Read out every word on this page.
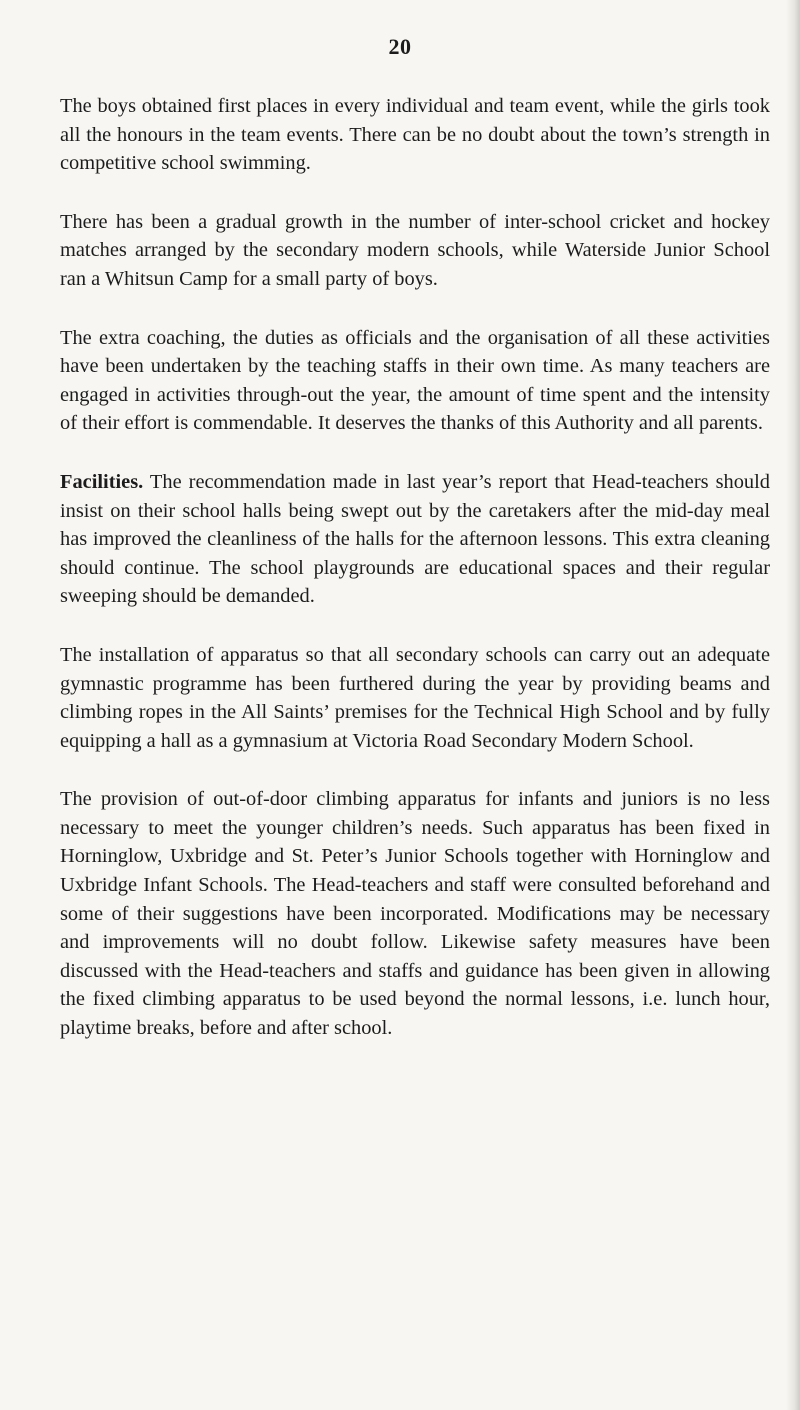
20

The boys obtained first places in every individual and team event, while the girls took all the honours in the team events. There can be no doubt about the town’s strength in competitive school swimming.

There has been a gradual growth in the number of inter-school cricket and hockey matches arranged by the secondary modern schools, while Waterside Junior School ran a Whitsun Camp for a small party of boys.

The extra coaching, the duties as officials and the organisation of all these activities have been undertaken by the teaching staffs in their own time. As many teachers are engaged in activities through-out the year, the amount of time spent and the intensity of their effort is commendable. It deserves the thanks of this Authority and all parents.

Facilities. The recommendation made in last year’s report that Head-teachers should insist on their school halls being swept out by the caretakers after the mid-day meal has improved the cleanliness of the halls for the afternoon lessons. This extra cleaning should continue. The school playgrounds are educational spaces and their regular sweeping should be demanded.

The installation of apparatus so that all secondary schools can carry out an adequate gymnastic programme has been furthered during the year by providing beams and climbing ropes in the All Saints’ premises for the Technical High School and by fully equipping a hall as a gymnasium at Victoria Road Secondary Modern School.

The provision of out-of-door climbing apparatus for infants and juniors is no less necessary to meet the younger children’s needs. Such apparatus has been fixed in Horninglow, Uxbridge and St. Peter’s Junior Schools together with Horninglow and Uxbridge Infant Schools. The Head-teachers and staff were consulted beforehand and some of their suggestions have been incorporated. Modifications may be necessary and improvements will no doubt follow. Likewise safety measures have been discussed with the Head-teachers and staffs and guidance has been given in allowing the fixed climbing apparatus to be used beyond the normal lessons, i.e. lunch hour, playtime breaks, before and after school.
